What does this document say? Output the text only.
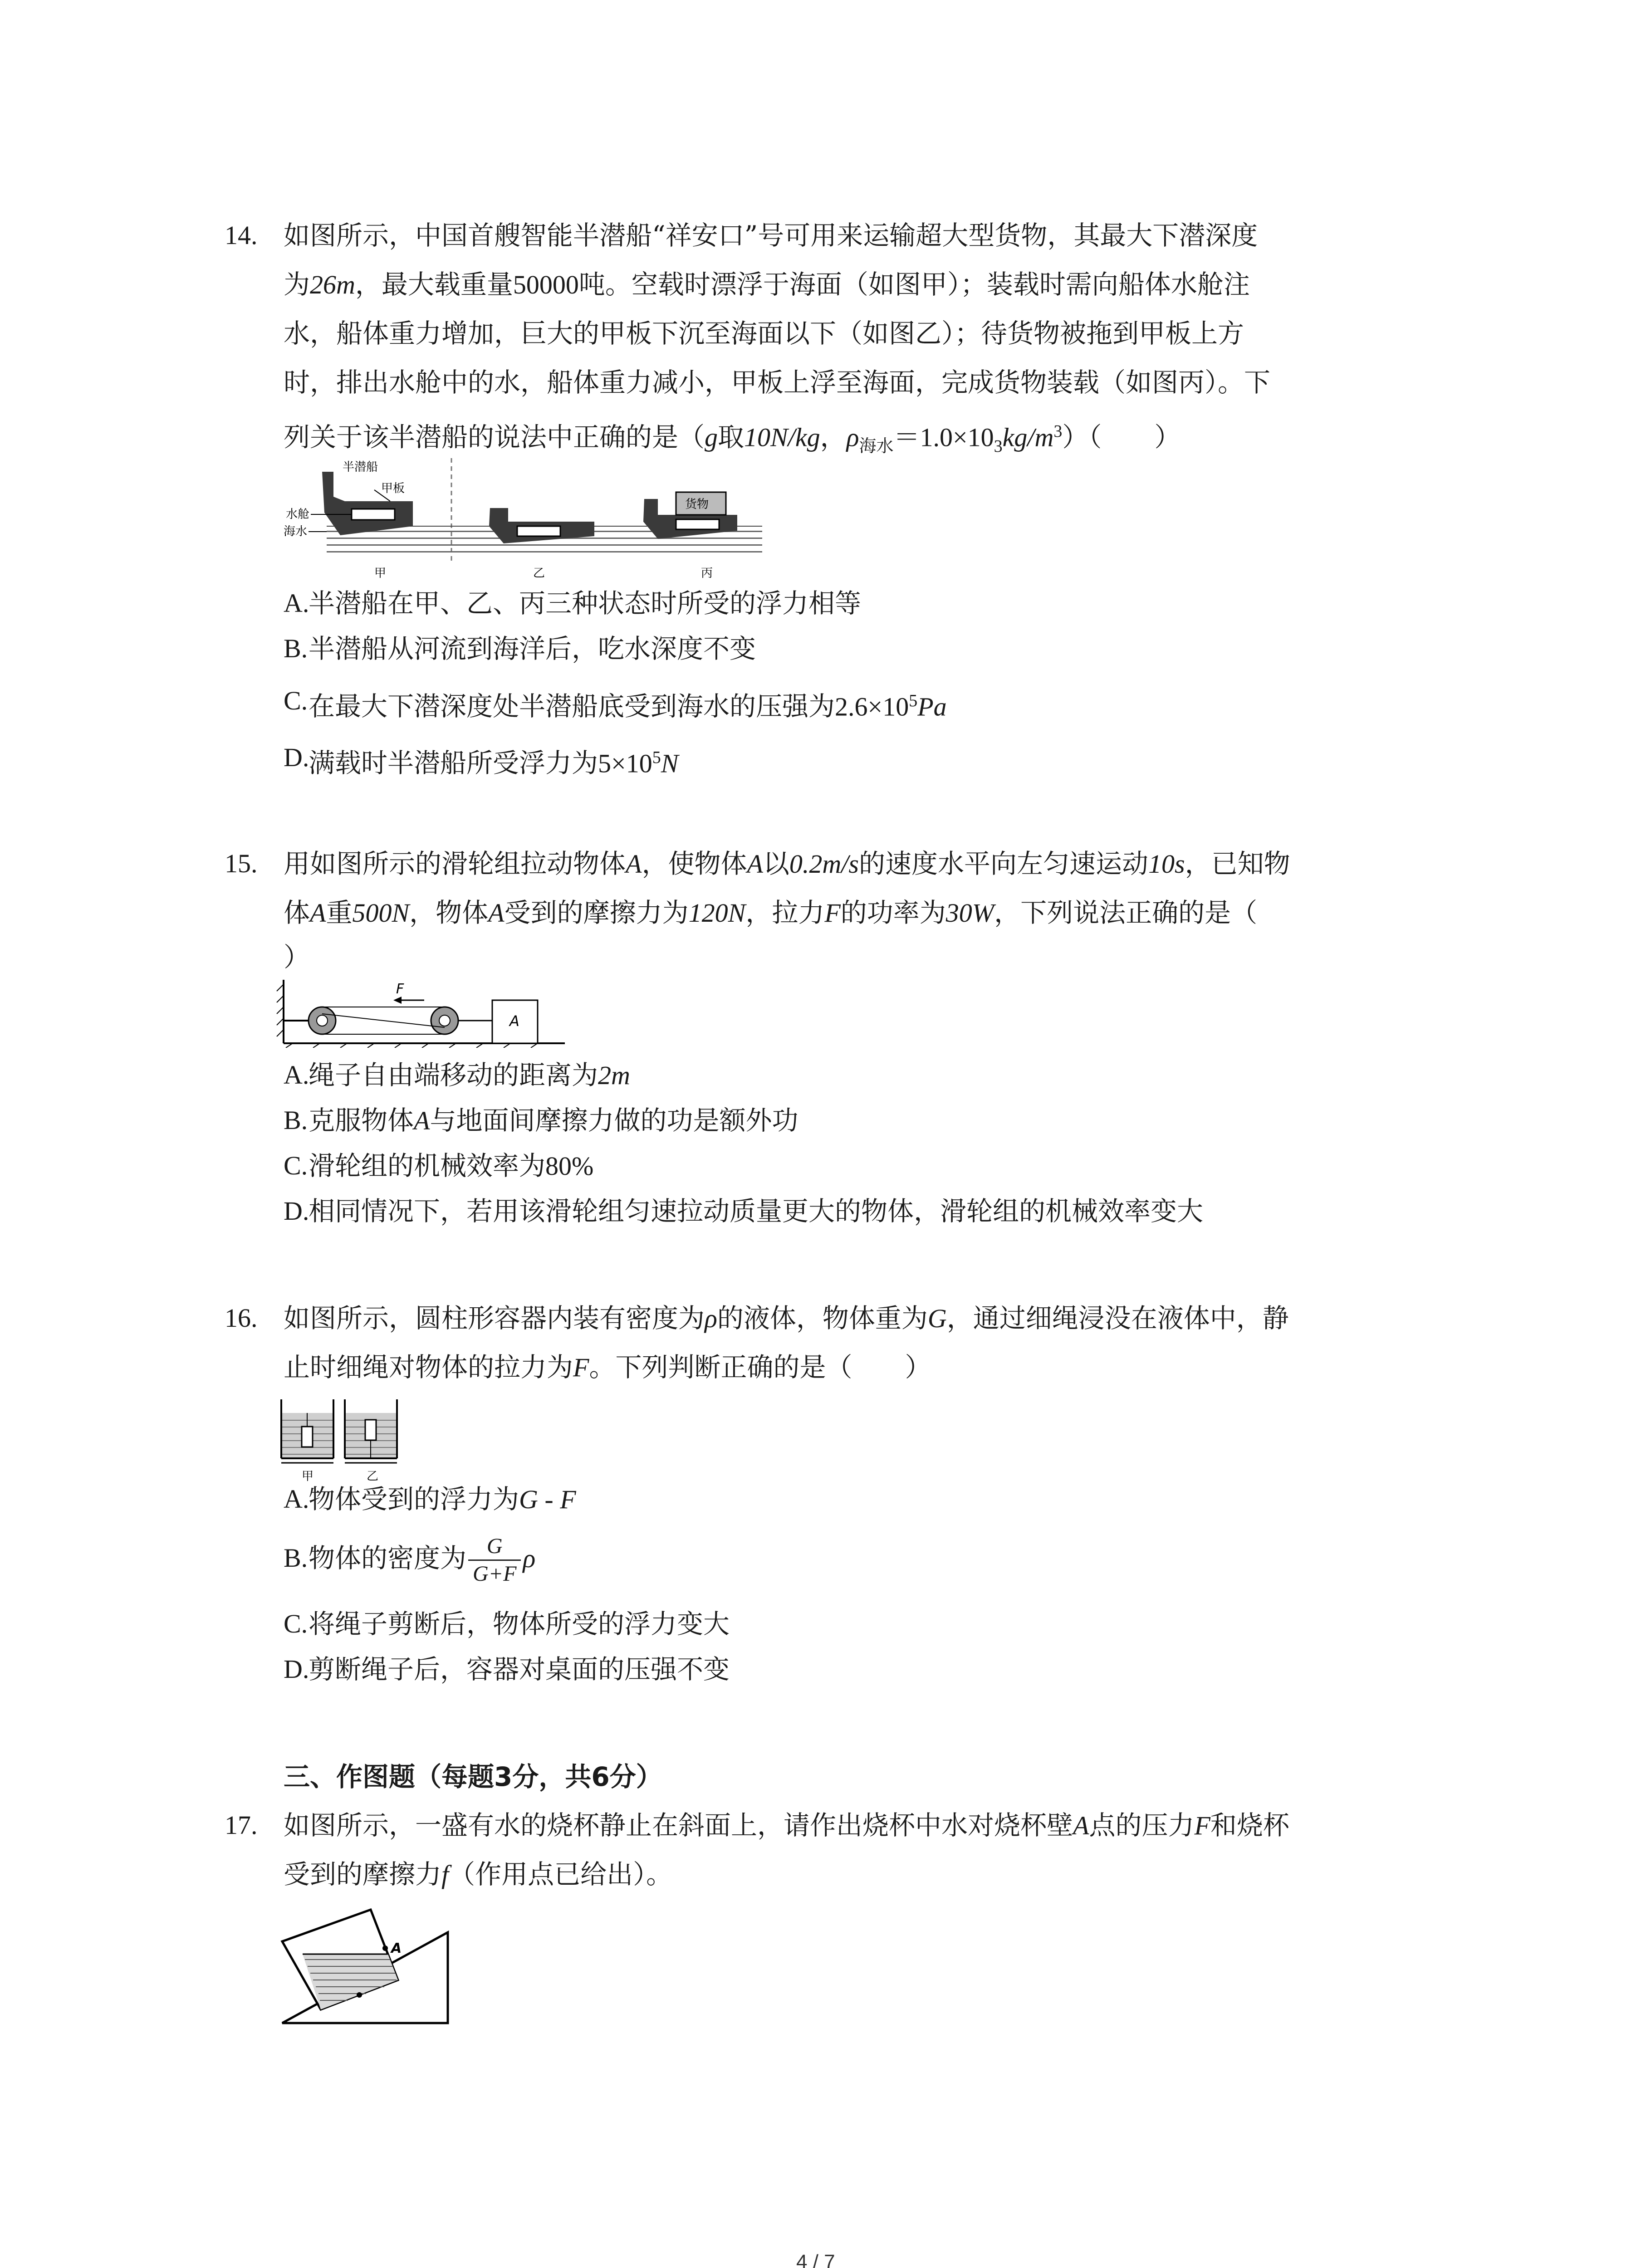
14. 如图所示，中国首艘智能半潜船“祥安口”号可用来运输超大型货物，其最大下潜深度
为26m，最大载重量50000吨。空载时漂浮于海面（如图甲）；装载时需向船体水舱注
水，船体重力增加，巨大的甲板下沉至海面以下（如图乙）；待货物被拖到甲板上方
时，排出水舱中的水，船体重力减小，甲板上浮至海面，完成货物装载（如图丙）。下
列关于该半潜船的说法中正确的是（g取10N/kg，$\rho_{海水}=1.0\times 10_3kg/m^3$）（　　）
半潜船
甲板
水舱
海水
货物
甲	乙	丙
A.
半潜船在甲、乙、丙三种状态时所受的浮力相等
B. 半潜船从河流到海洋后，吃水深度不变
C. 在最大下潜深度处半潜船底受到海水的压强为$2.6\times 10^5Pa$
D.
满载时半潜船所受浮力为$5\times 10^5N$
15. 用如图所示的滑轮组拉动物体A，使物体A以0.2m/s的速度水平向左匀速运动10s，已知物
体A重500N，物体A受到的摩擦力为120N，拉力F的功率为30W，下列说法正确的是（
）
F
A
A.
绳子自由端移动的距离为2m
B. 克服物体A与地面间摩擦力做的功是额外功
C. 滑轮组的机械效率为80%
D.
相同情况下，若用该滑轮组匀速拉动质量更大的物体，滑轮组的机械效率变大
16. 如图所示，圆柱形容器内装有密度为ρ的液体，物体重为G，通过细绳浸没在液体中，静
止时细绳对物体的拉力为F。下列判断正确的是（　　）
甲	乙
A.
物体受到的浮力为G - F
B. 物体的密度为 $\frac{G}{G+F}$ ρ
C. 将绳子剪断后，物体所受的浮力变大
D.
剪断绳子后，容器对桌面的压强不变
三、作图题（每题3分，共6分）
17. 如图所示，一盛有水的烧杯静止在斜面上，请作出烧杯中水对烧杯壁A点的压力F和烧杯
受到的摩擦力f（作用点已给出）。
A
4 / 7
